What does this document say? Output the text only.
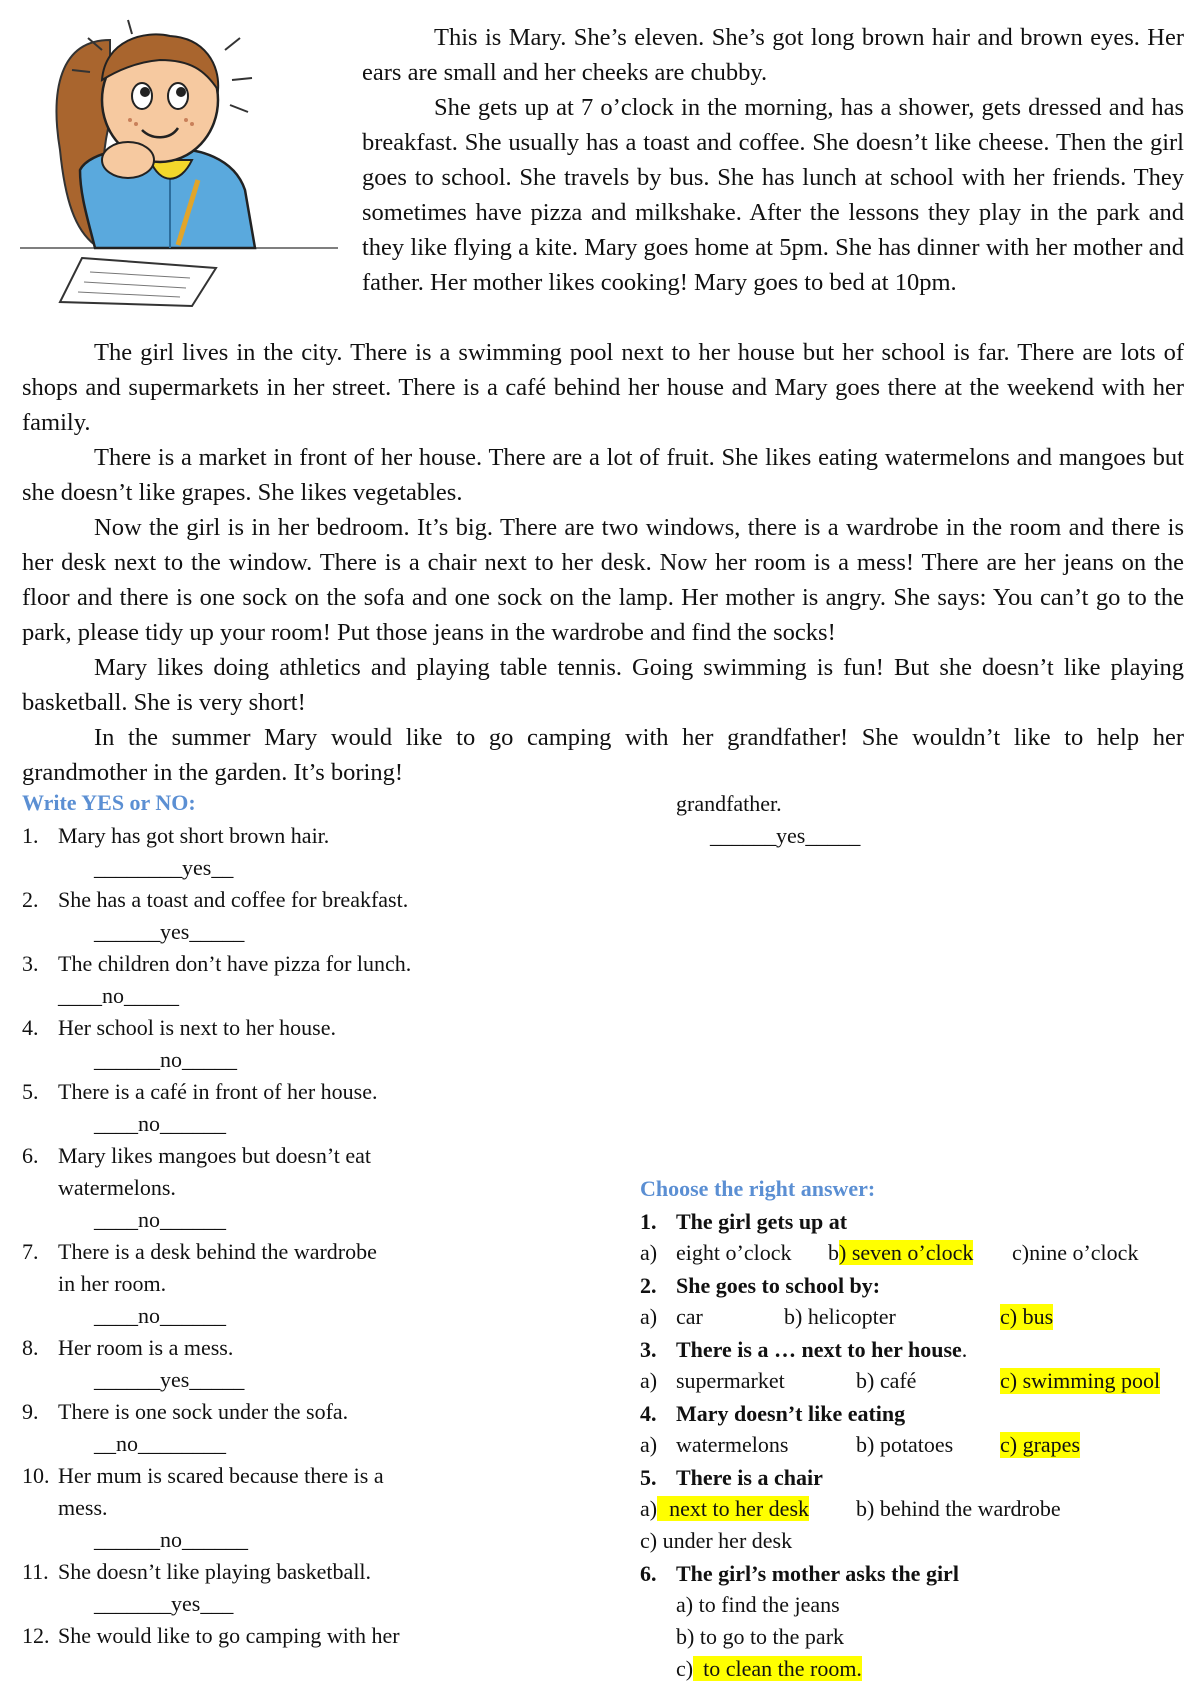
This is Mary. She’s eleven. She’s got long brown hair and brown eyes. Her ears are small and her cheeks are chubby.

She gets up at 7 o’clock in the morning, has a shower, gets dressed and has breakfast. She usually has a toast and coffee. She doesn’t like cheese. Then the girl goes to school. She travels by bus. She has lunch at school with her friends. They sometimes have pizza and milkshake. After the lessons they play in the park and they like flying a kite. Mary goes home at 5pm. She has dinner with her mother and father. Her mother likes cooking! Mary goes to bed at 10pm.

The girl lives in the city. There is a swimming pool next to her house but her school is far. There are lots of shops and supermarkets in her street. There is a café behind her house and Mary goes there at the weekend with her family.

There is a market in front of her house. There are a lot of fruit. She likes eating watermelons and mangoes but she doesn’t like grapes. She likes vegetables.

Now the girl is in her bedroom. It’s big. There are two windows, there is a wardrobe in the room and there is her desk next to the window. There is a chair next to her desk. Now her room is a mess! There are her jeans on the floor and there is one sock on the sofa and one sock on the lamp. Her mother is angry. She says: You can’t go to the park, please tidy up your room! Put those jeans in the wardrobe and find the socks!

Mary likes doing athletics and playing table tennis. Going swimming is fun! But she doesn’t like playing basketball. She is very short!

In the summer Mary would like to go camping with her grandfather! She wouldn’t like to help her grandmother in the garden. It’s boring!

Write YES or NO:
1. Mary has got short brown hair.
________yes__
2. She has a toast and coffee for breakfast.
______yes_____
3. The children don’t have pizza for lunch.
____no_____
4. Her school is next to her house.
______no_____
5. There is a café in front of her house.
____no______
6. Mary likes mangoes but doesn’t eat
watermelons.
____no______
7. There is a desk behind the wardrobe
in her room.
____no______
8. Her room is a mess.
______yes_____
9. There is one sock under the sofa.
__no________
10. Her mum is scared because there is a
mess.
______no______
11. She doesn’t like playing basketball.
_______yes___
12. She would like to go camping with her
grandfather.
______yes_____
Choose the right answer:
1. The girl gets up at
a) eight o’clock b) seven o’clock c)nine o’clock
2. She goes to school by:
a) car	b) helicopter	c) bus
3. There is a … next to her house.
a) supermarket	b) café	c) swimming pool
4. Mary doesn’t like eating
a) watermelons	b) potatoes c) grapes
5. There is a chair
a) next to her desk b) behind the wardrobe
c) under her desk
6. The girl’s mother asks the girl
a) to find the jeans
b) to go to the park
c) to clean the room.
